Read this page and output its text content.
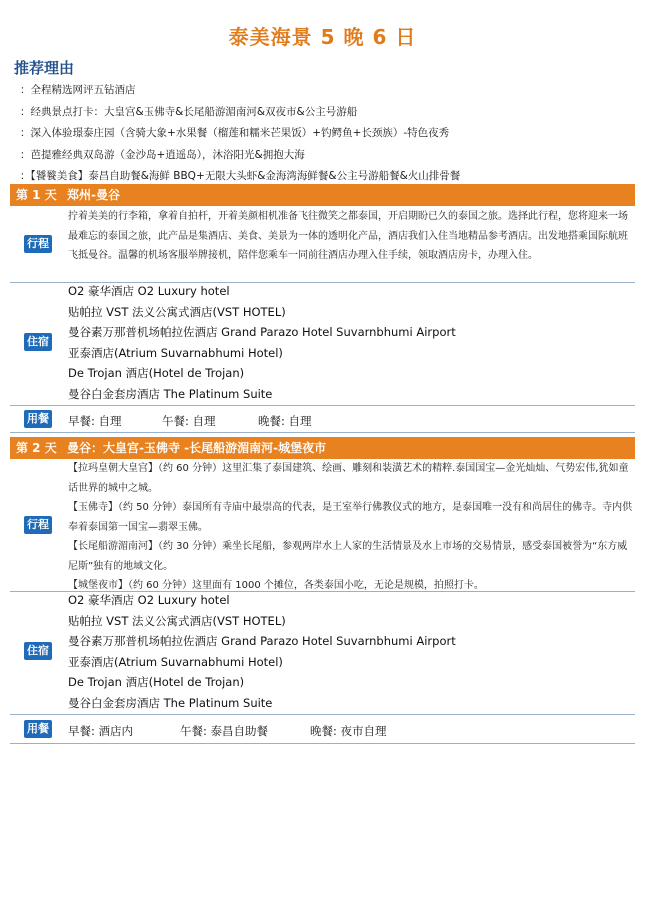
泰美海景 5 晚 6 日
推荐理由
：全程精选网评五钻酒店
：经典景点打卡：大皇宫&玉佛寺&长尾船游湄南河&双夜市&公主号游船
：深入体验璟泰庄园（含骑大象+水果餐（榴莲和糯米芒果饭）+钓鳄鱼+长颈族）-特色夜秀
：芭提雅经典双岛游（金沙岛+逍遥岛），沐浴阳光&拥抱大海
：【饕餮美食】泰昌自助餐&海鲜 BBQ+无限大头虾&金海湾海鲜餐&公主号游船餐&火山排骨餐
第 1 天 郑州-曼谷
行程
拧着美美的行李箱，拿着自拍杆，开着美颜相机准备飞往微笑之都泰国，开启期盼已久的泰国之旅。选择此行程，您将迎来一场最难忘的泰国之旅，此产品是集酒店、美食、美景为一体的透明化产品，酒店我们入住当地精品参考酒店。出发地搭乘国际航班飞抵曼谷。温馨的机场客服举牌接机，陪伴您乘车一同前往酒店办理入住手续，领取酒店房卡，办理入住。
住宿
O2 豪华酒店 O2 Luxury hotel
贴帕拉 VST 法义公寓式酒店(VST HOTEL)
曼谷素万那普机场帕拉佐酒店 Grand Parazo Hotel Suvarnbhumi Airport
亚泰酒店(Atrium Suvarnabhumi Hotel)
De Trojan 酒店(Hotel de Trojan)
曼谷白金套房酒店 The Platinum Suite
用餐 早餐: 自理	午餐: 自理	晚餐: 自理
第 2 天 曼谷：大皇宫-玉佛寺 -长尾船游湄南河-城堡夜市
行程
【拉玛皇朝大皇宫】（约 60 分钟）这里汇集了泰国建筑、绘画、雕刻和装潢艺术的精粹.泰国国宝—金光灿灿、气势宏伟,犹如童话世界的城中之城。
【玉佛寺】（约 50 分钟）泰国所有寺庙中最崇高的代表，是王室举行佛教仪式的地方，是泰国唯一没有和尚居住的佛寺。寺内供奉着泰国第一国宝—翡翠玉佛。
【长尾船游湄南河】（约 30 分钟）乘坐长尾船，参观两岸水上人家的生活情景及水上市场的交易情景，感受泰国被誉为“东方威尼斯”独有的地域文化。
【城堡夜市】（约 60 分钟）这里面有 1000 个摊位，各类泰国小吃，无论是规模，拍照打卡。
住宿
O2 豪华酒店 O2 Luxury hotel
贴帕拉 VST 法义公寓式酒店(VST HOTEL)
曼谷素万那普机场帕拉佐酒店 Grand Parazo Hotel Suvarnbhumi Airport
亚泰酒店(Atrium Suvarnabhumi Hotel)
De Trojan 酒店(Hotel de Trojan)
曼谷白金套房酒店 The Platinum Suite
用餐 早餐: 酒店内	午餐: 泰昌自助餐	晚餐: 夜市自理
